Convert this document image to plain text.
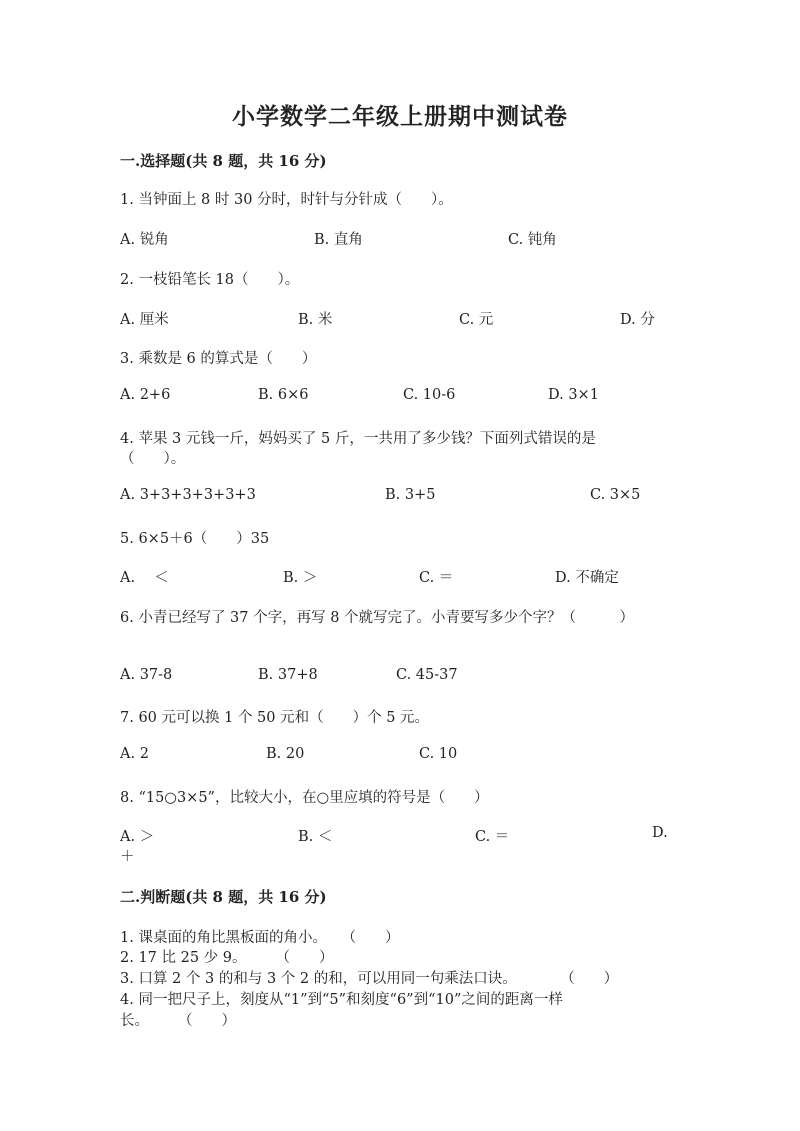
小学数学二年级上册期中测试卷
一.选择题(共 8 题，共 16 分)
1. 当钟面上 8 时 30 分时，时针与分针成（　　）。
A. 锐角	B. 直角	C. 钝角
2. 一枝铅笔长 18（　　）。
A. 厘米	B. 米	C. 元	D. 分
3. 乘数是 6 的算式是（　　）
A. 2+6	B. 6×6	C. 10-6	D. 3×1
4. 苹果 3 元钱一斤，妈妈买了 5 斤，一共用了多少钱？下面列式错误的是
（　　）。
A. 3+3+3+3+3+3	B. 3+5	C. 3×5
5. 6×5＋6（　　）35
A.　 ＜	B. ＞	C. ＝	D. 不确定
6. 小青已经写了 37 个字，再写 8 个就写完了。小青要写多少个字？（　　　）
A. 37-8	B. 37+8	C. 45-37
7. 60 元可以换 1 个 50 元和（　　）个 5 元。
A. 2	B. 20	C. 10
8. “15○3×5”，比较大小，在○里应填的符号是（　　）
A. ＞	B. ＜	C. ＝	D.
＋
二.判断题(共 8 题，共 16 分)
1. 课桌面的角比黑板面的角小。　　（　　）
2. 17 比 25 少 9。　　　（　　）
3. 口算 2 个 3 的和与 3 个 2 的和，可以用同一句乘法口诀。　　　　（　　）
4. 同一把尺子上，刻度从“1”到“5”和刻度“6”到“10”之间的距离一样
长。　　　（　　）
